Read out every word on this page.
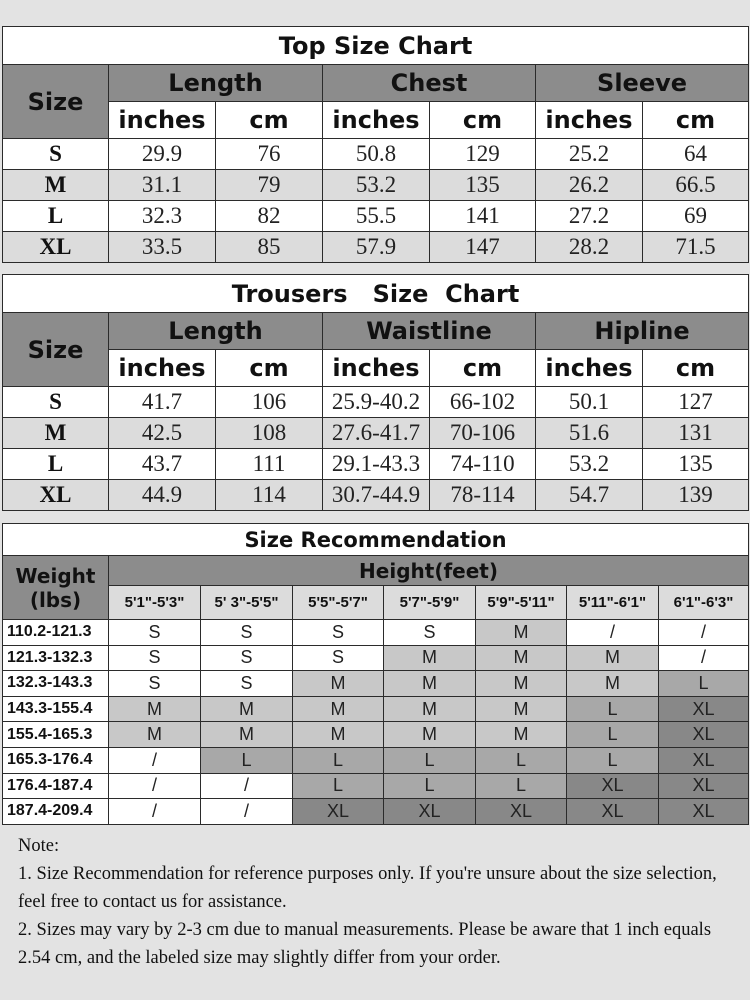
Top Size Chart						
Size	Length		Chest		Sleeve	
	inches	cm	inches	cm	inches	cm
S	29.9	76	50.8	129	25.2	64
M	31.1	79	53.2	135	26.2	66.5
L	32.3	82	55.5	141	27.2	69
XL	33.5	85	57.9	147	28.2	71.5
Trousers   Size  Chart						
Size	Length		Waistline		Hipline	
	inches	cm	inches	cm	inches	cm
S	41.7	106	25.9-40.2	66-102	50.1	127
M	42.5	108	27.6-41.7	70-106	51.6	131
L	43.7	111	29.1-43.3	74-110	53.2	135
XL	44.9	114	30.7-44.9	78-114	54.7	139
Size Recommendation							

Weight
(lbs)	Height(feet)						
	5'1"-5'3"	5' 3"-5'5"	5'5"-5'7"	5'7"-5'9"	5'9"-5'11"	5'11"-6'1"	6'1"-6'3"
110.2-121.3	S	S	S	S	M	/	/
121.3-132.3	S	S	S	M	M	M	/
132.3-143.3	S	S	M	M	M	M	L
143.3-155.4	M	M	M	M	M	L	XL
155.4-165.3	M	M	M	M	M	L	XL
165.3-176.4	/	L	L	L	L	L	XL
176.4-187.4	/	/	L	L	L	XL	XL
187.4-209.4	/	/	XL	XL	XL	XL	XL

Note:

1. Size Recommendation for reference purposes only. If you're unsure about the size selection, feel free to contact us for assistance.

2. Sizes may vary by 2-3 cm due to manual measurements. Please be aware that 1 inch equals 2.54 cm, and the labeled size may slightly differ from your order.
